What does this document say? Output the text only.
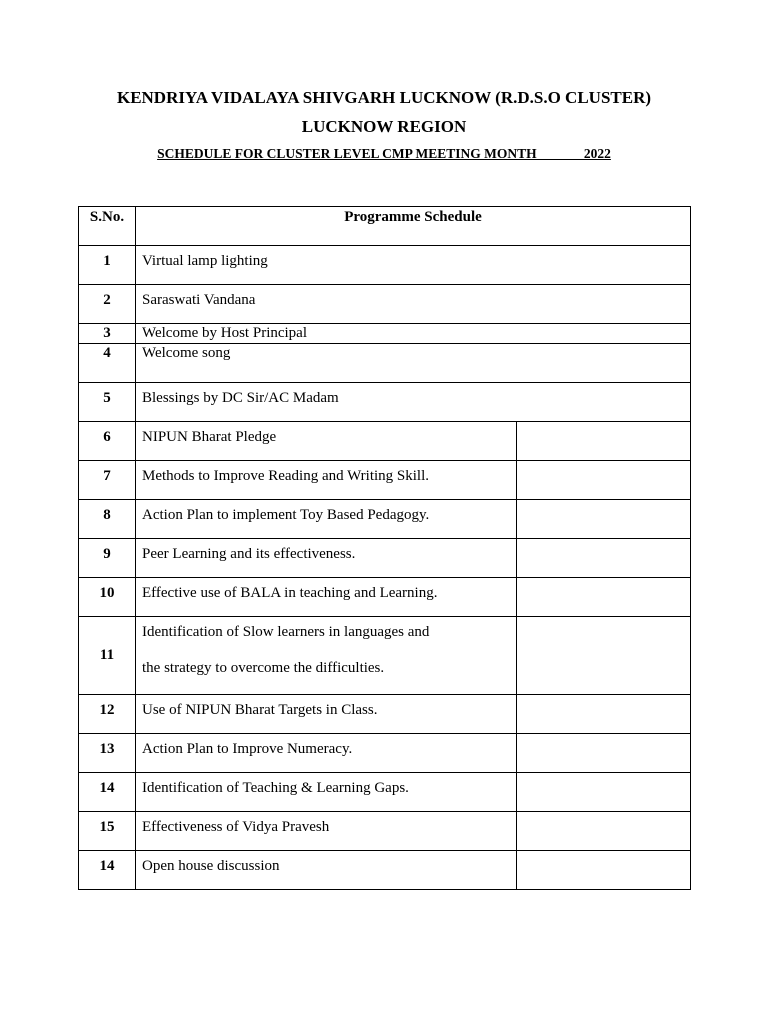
KENDRIYA VIDALAYA SHIVGARH LUCKNOW (R.D.S.O CLUSTER)
LUCKNOW REGION
SCHEDULE FOR CLUSTER LEVEL CMP MEETING MONTH ______ 2022
S.No.	Programme Schedule	
1	Virtual lamp lighting	
2	Saraswati Vandana	
3	Welcome by Host Principal	
4	Welcome song	
5	Blessings by DC Sir/AC Madam	
6	NIPUN Bharat Pledge	
7	Methods to Improve Reading and Writing Skill.	
8	Action Plan to implement Toy Based Pedagogy.	
9	Peer Learning and its effectiveness.	
10	Effective use of BALA in teaching and Learning.	
11	Identification of Slow learners in languages and
the strategy to overcome the difficulties.	

12	Use of NIPUN Bharat Targets in Class.	
13	Action Plan to Improve Numeracy.	
14	Identification of Teaching & Learning Gaps.	
15	Effectiveness of Vidya Pravesh	
14	Open house discussion	
